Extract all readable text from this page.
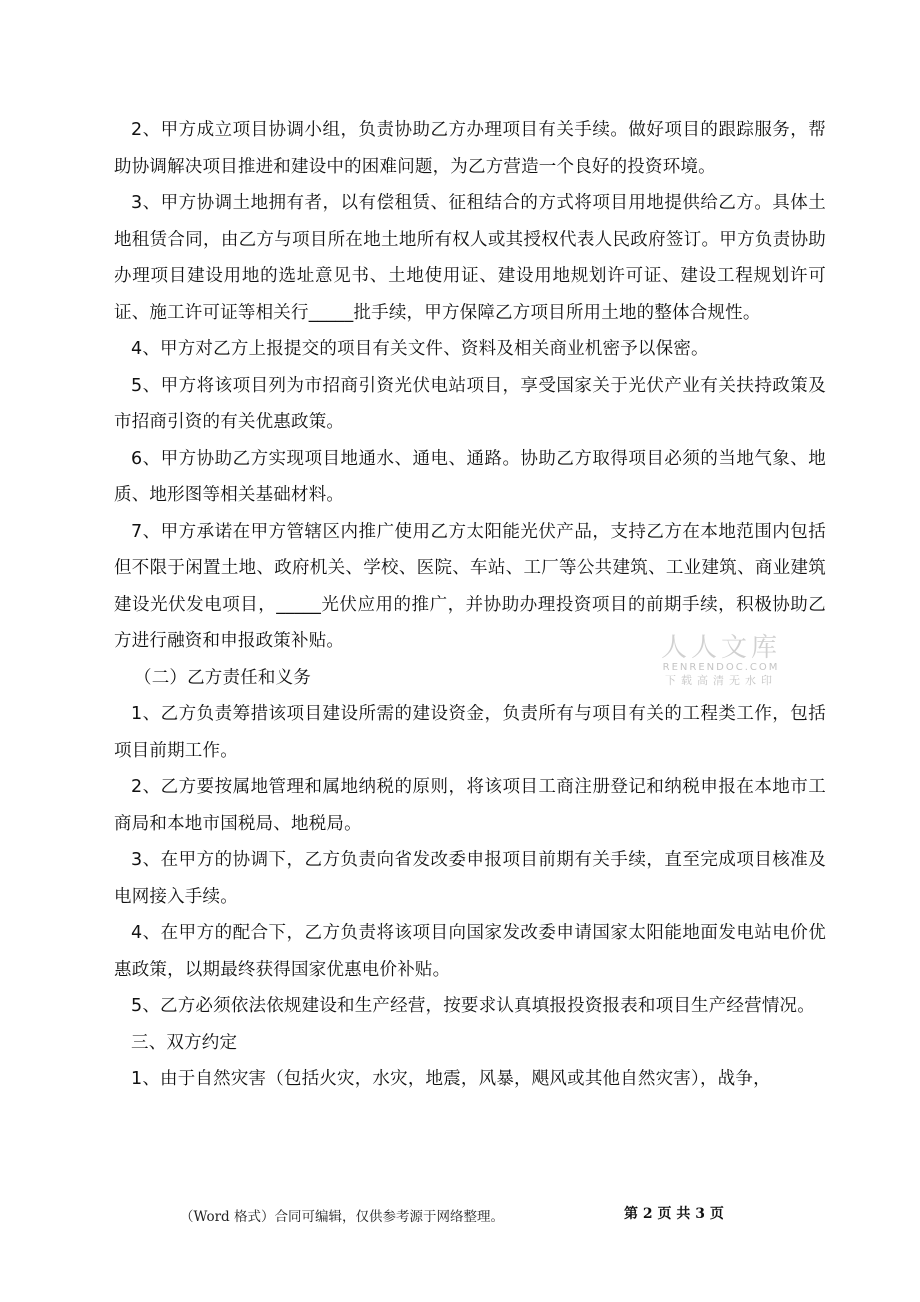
2、甲方成立项目协调小组，负责协助乙方办理项目有关手续。做好项目的跟踪服务，帮助协调解决项目推进和建设中的困难问题，为乙方营造一个良好的投资环境。

3、甲方协调土地拥有者，以有偿租赁、征租结合的方式将项目用地提供给乙方。具体土地租赁合同，由乙方与项目所在地土地所有权人或其授权代表人民政府签订。甲方负责协助办理项目建设用地的选址意见书、土地使用证、建设用地规划许可证、建设工程规划许可证、施工许可证等相关行_____批手续，甲方保障乙方项目所用土地的整体合规性。

4、甲方对乙方上报提交的项目有关文件、资料及相关商业机密予以保密。

5、甲方将该项目列为市招商引资光伏电站项目，享受国家关于光伏产业有关扶持政策及市招商引资的有关优惠政策。

6、甲方协助乙方实现项目地通水、通电、通路。协助乙方取得项目必须的当地气象、地质、地形图等相关基础材料。

7、甲方承诺在甲方管辖区内推广使用乙方太阳能光伏产品，支持乙方在本地范围内包括但不限于闲置土地、政府机关、学校、医院、车站、工厂等公共建筑、工业建筑、商业建筑建设光伏发电项目，_____光伏应用的推广，并协助办理投资项目的前期手续，积极协助乙方进行融资和申报政策补贴。

（二）乙方责任和义务

1、乙方负责筹措该项目建设所需的建设资金，负责所有与项目有关的工程类工作，包括项目前期工作。

2、乙方要按属地管理和属地纳税的原则，将该项目工商注册登记和纳税申报在本地市工商局和本地市国税局、地税局。

3、在甲方的协调下，乙方负责向省发改委申报项目前期有关手续，直至完成项目核准及电网接入手续。

4、在甲方的配合下，乙方负责将该项目向国家发改委申请国家太阳能地面发电站电价优惠政策，以期最终获得国家优惠电价补贴。

5、乙方必须依法依规建设和生产经营，按要求认真填报投资报表和项目生产经营情况。

三、双方约定

1、由于自然灾害（包括火灾，水灾，地震，风暴，飓风或其他自然灾害），战争，

人人文库
RENRENDOC.COM
下载高清无水印
（Word 格式）合同可编辑，仅供参考源于网络整理。	第 2 页 共 3 页
